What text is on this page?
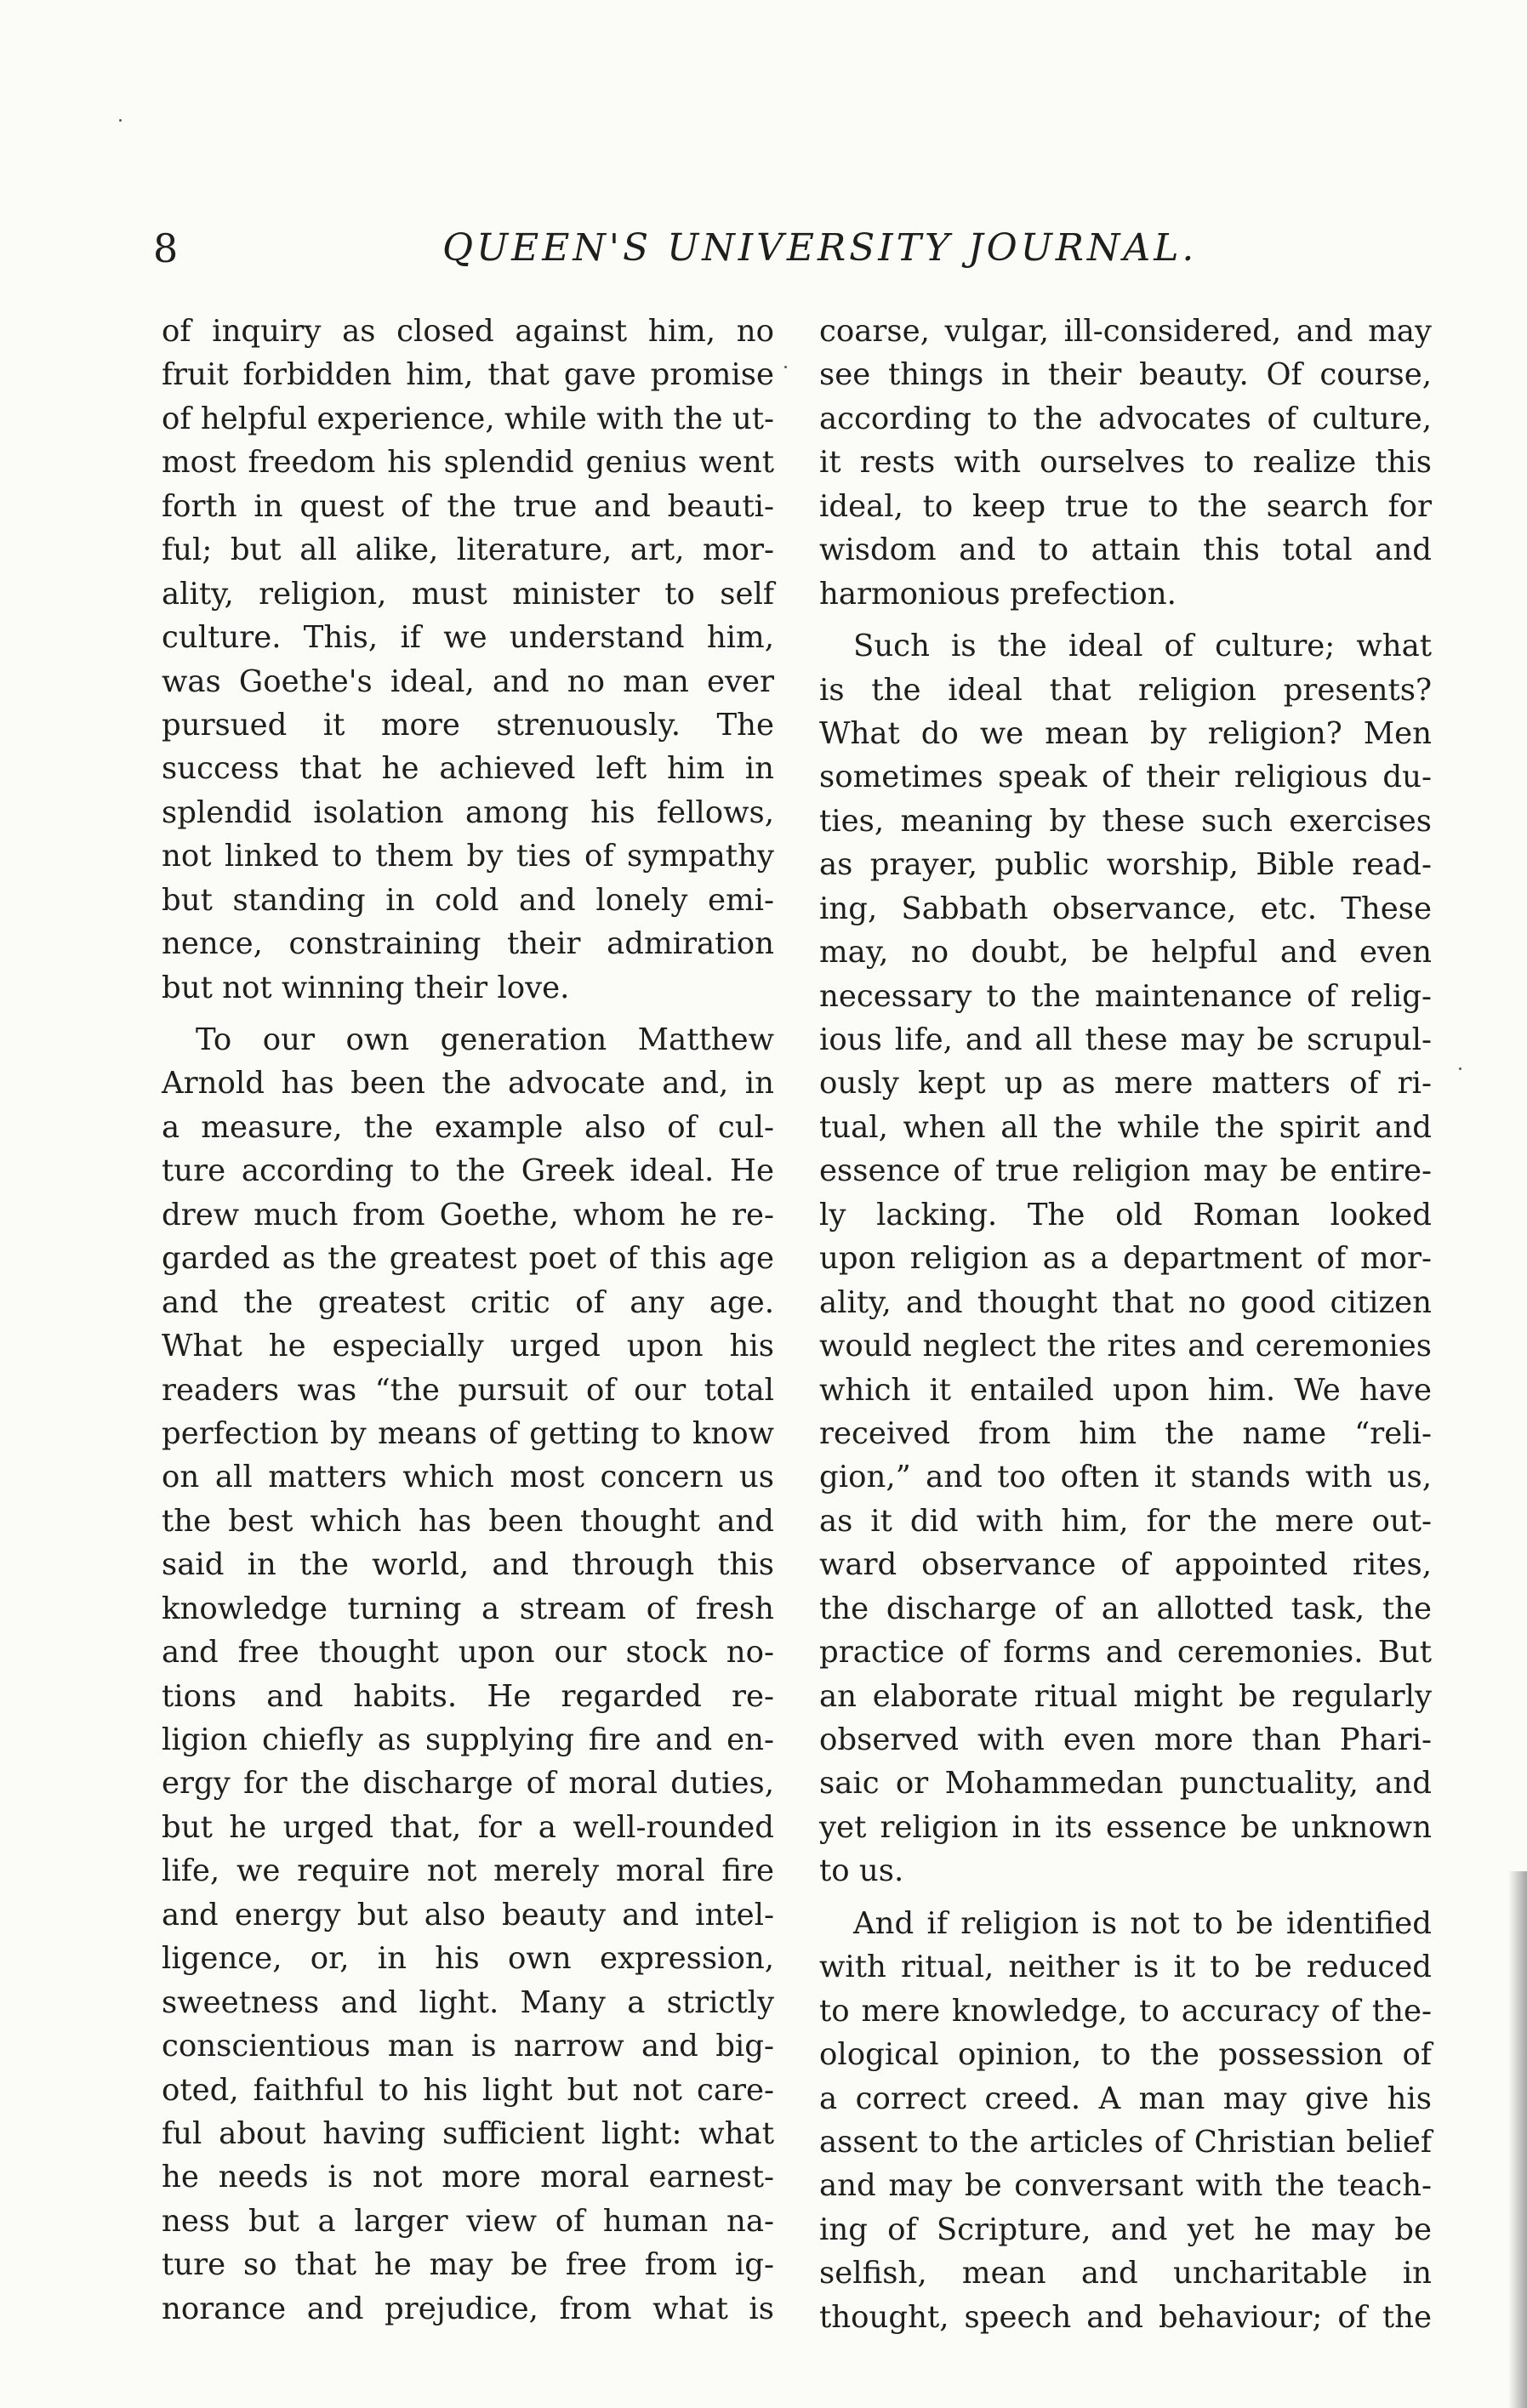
8	QUEEN'S UNIVERSITY JOURNAL.
of inquiry as closed against him, no
fruit forbidden him, that gave promise
of helpful experience, while with the ut-
most freedom his splendid genius went
forth in quest of the true and beauti-
ful; but all alike, literature, art, mor-
ality, religion, must minister to self
culture. This, if we understand him,
was Goethe's ideal, and no man ever
pursued it more strenuously. The
success that he achieved left him in
splendid isolation among his fellows,
not linked to them by ties of sympathy
but standing in cold and lonely emi-
nence, constraining their admiration
but not winning their love.
To our own generation Matthew
Arnold has been the advocate and, in
a measure, the example also of cul-
ture according to the Greek ideal. He
drew much from Goethe, whom he re-
garded as the greatest poet of this age
and the greatest critic of any age.
What he especially urged upon his
readers was “the pursuit of our total
perfection by means of getting to know
on all matters which most concern us
the best which has been thought and
said in the world, and through this
knowledge turning a stream of fresh
and free thought upon our stock no-
tions and habits. He regarded re-
ligion chiefly as supplying fire and en-
ergy for the discharge of moral duties,
but he urged that, for a well-rounded
life, we require not merely moral fire
and energy but also beauty and intel-
ligence, or, in his own expression,
sweetness and light. Many a strictly
conscientious man is narrow and big-
oted, faithful to his light but not care-
ful about having sufficient light: what
he needs is not more moral earnest-
ness but a larger view of human na-
ture so that he may be free from ig-
norance and prejudice, from what is
coarse, vulgar, ill-considered, and may
see things in their beauty. Of course,
according to the advocates of culture,
it rests with ourselves to realize this
ideal, to keep true to the search for
wisdom and to attain this total and
harmonious prefection.
Such is the ideal of culture; what
is the ideal that religion presents?
What do we mean by religion? Men
sometimes speak of their religious du-
ties, meaning by these such exercises
as prayer, public worship, Bible read-
ing, Sabbath observance, etc. These
may, no doubt, be helpful and even
necessary to the maintenance of relig-
ious life, and all these may be scrupul-
ously kept up as mere matters of ri-
tual, when all the while the spirit and
essence of true religion may be entire-
ly lacking. The old Roman looked
upon religion as a department of mor-
ality, and thought that no good citizen
would neglect the rites and ceremonies
which it entailed upon him. We have
received from him the name “reli-
gion,” and too often it stands with us,
as it did with him, for the mere out-
ward observance of appointed rites,
the discharge of an allotted task, the
practice of forms and ceremonies. But
an elaborate ritual might be regularly
observed with even more than Phari-
saic or Mohammedan punctuality, and
yet religion in its essence be unknown
to us.
And if religion is not to be identified
with ritual, neither is it to be reduced
to mere knowledge, to accuracy of the-
ological opinion, to the possession of
a correct creed. A man may give his
assent to the articles of Christian belief
and may be conversant with the teach-
ing of Scripture, and yet he may be
selfish, mean and uncharitable in
thought, speech and behaviour; of the
